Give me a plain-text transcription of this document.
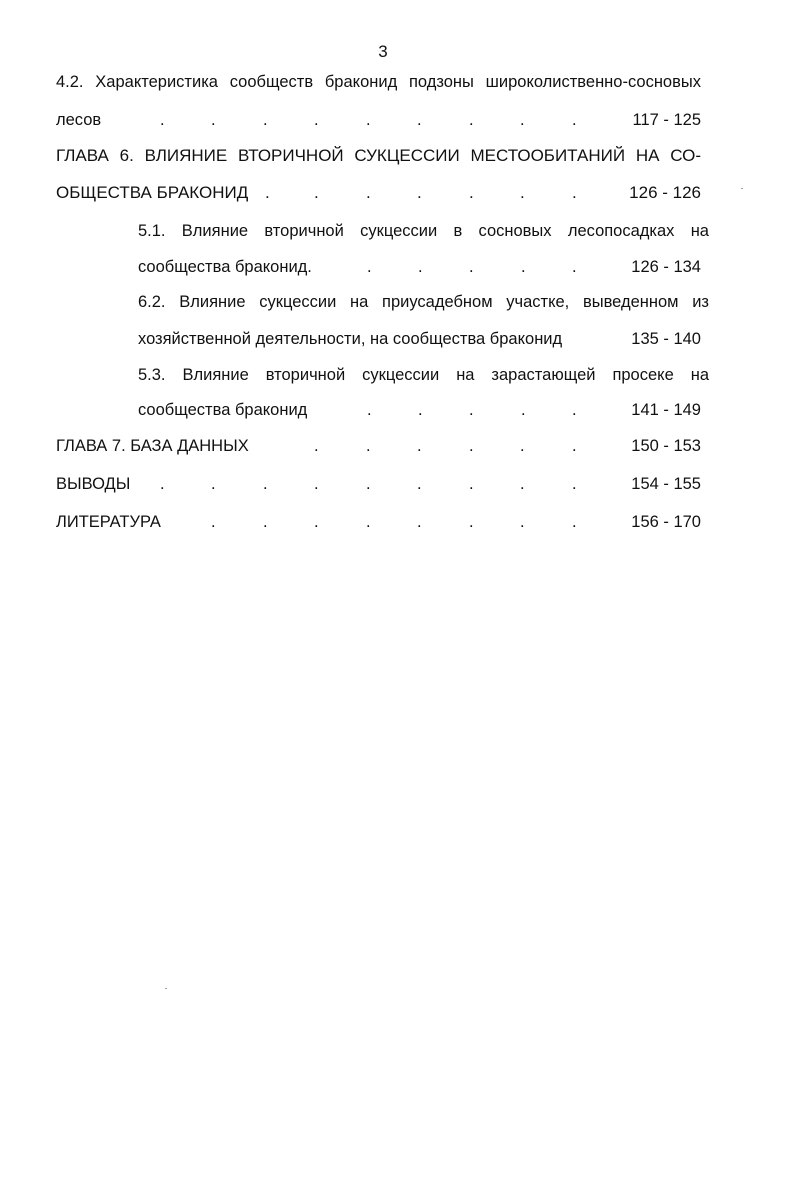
3
4.2. Характеристика сообществ браконид подзоны широколиственно-сосновых
лесов	.	.	.	.	.	.	.	.	.	117 - 125
ГЛАВА 6. ВЛИЯНИЕ ВТОРИЧНОЙ СУКЦЕССИИ МЕСТООБИТАНИЙ НА СО-
ОБЩЕСТВА БРАКОНИД .	.	.	.	.	.	.	126 - 126
5.1. Влияние вторичной сукцессии в сосновых лесопосадках на
сообщества браконид.	.	.	.	.	.	126 - 134
6.2. Влияние сукцессии на приусадебном участке, выведенном из
хозяйственной деятельности, на сообщества браконид	135 - 140
5.3. Влияние вторичной сукцессии на зарастающей просеке на
сообщества браконид	.	.	.	.	.	141 - 149
ГЛАВА 7. БАЗА ДАННЫХ	.	.	.	.	.	.	150 - 153
ВЫВОДЫ .	.	.	.	.	.	.	.	.	154 - 155
ЛИТЕРАТУРА	.	.	.	.	.	.	.	.	156 - 170
